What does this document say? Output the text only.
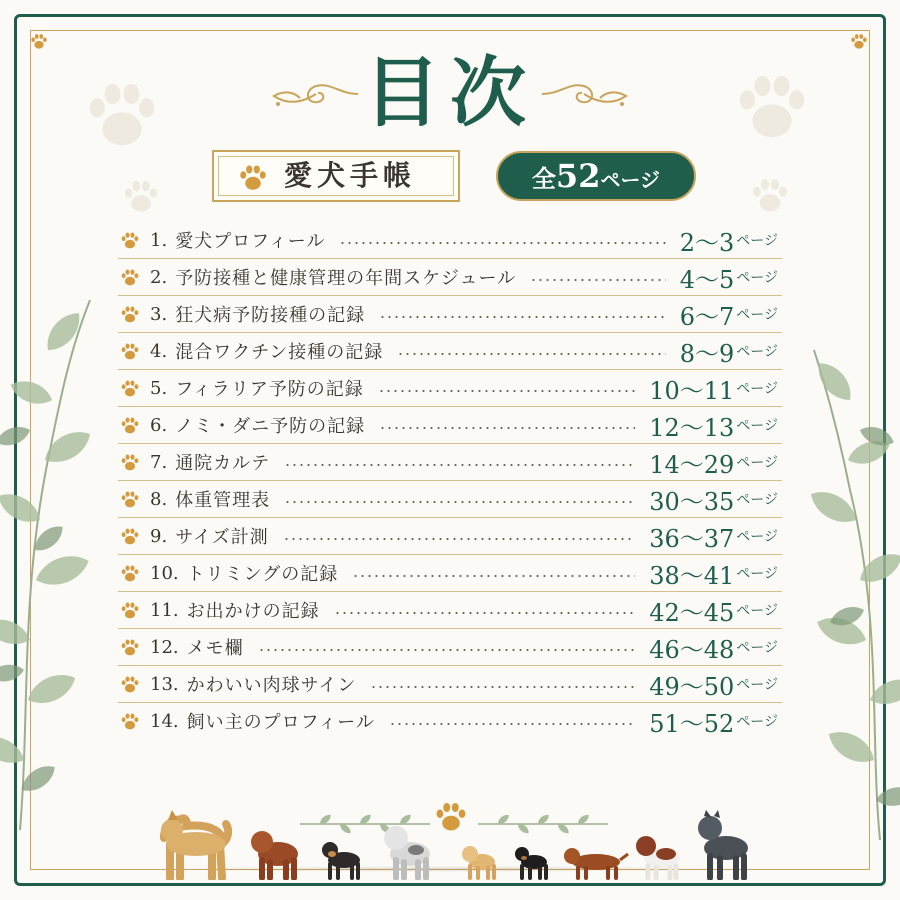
目次
愛犬手帳	全52ページ
1. 愛犬プロフィール	2～3 ページ
2. 予防接種と健康管理の年間スケジュール	4～5 ページ
3. 狂犬病予防接種の記録	6～7 ページ
4. 混合ワクチン接種の記録	8～9 ページ
5. フィラリア予防の記録	10～11 ページ
6. ノミ・ダニ予防の記録	12～13 ページ
7. 通院カルテ	14～29 ページ
8. 体重管理表	30～35 ページ
9. サイズ計測	36～37 ページ
10. トリミングの記録	38～41 ページ
11. お出かけの記録	42～45 ページ
12. メモ欄	46～48 ページ
13. かわいい肉球サイン	49～50 ページ
14. 飼い主のプロフィール	51～52 ページ
